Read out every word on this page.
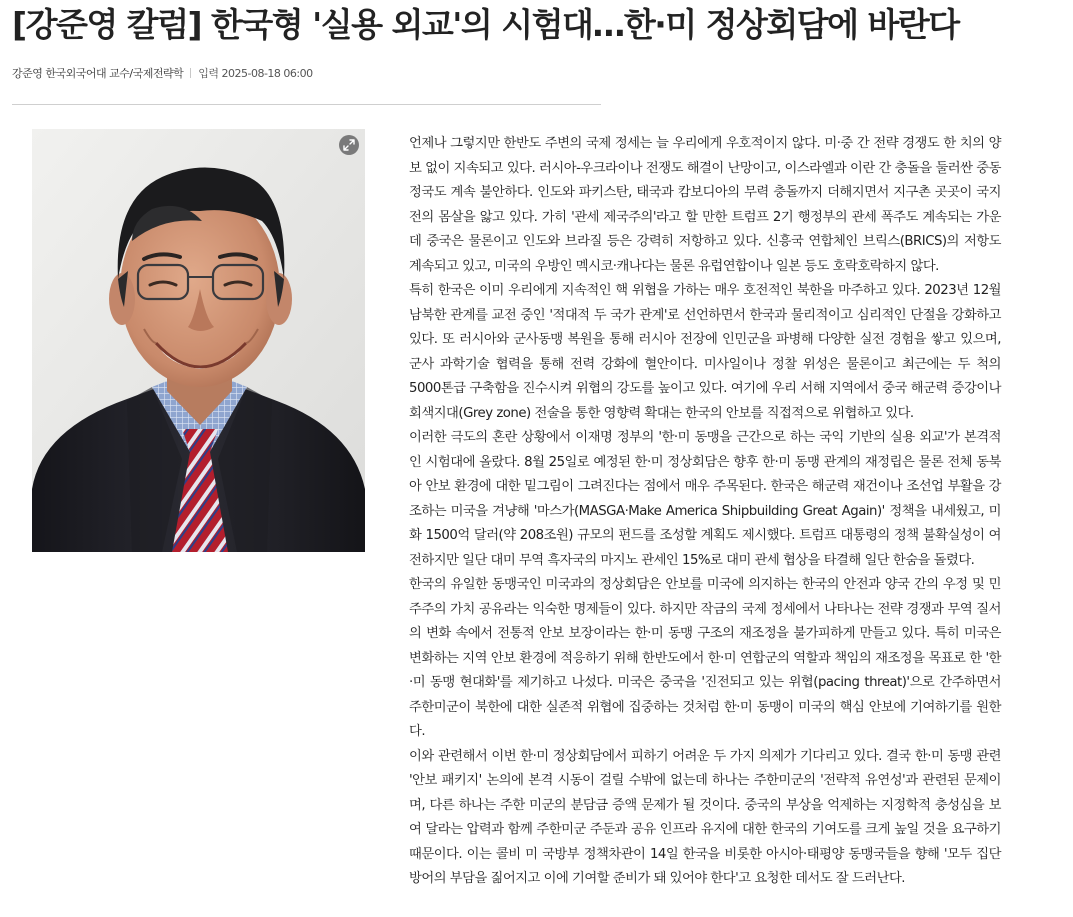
[강준영 칼럼] 한국형 '실용 외교'의 시험대…한·미 정상회담에 바란다
강준영 한국외국어대 교수/국제전략학 입력 2025-08-18 06:00

언제나 그렇지만 한반도 주변의 국제 정세는 늘 우리에게 우호적이지 않다. 미·중 간 전략 경쟁도 한 치의 양보 없이 지속되고 있다. 러시아-우크라이나 전쟁도 해결이 난망이고, 이스라엘과 이란 간 충돌을 둘러싼 중동 정국도 계속 불안하다. 인도와 파키스탄, 태국과 캄보디아의 무력 충돌까지 더해지면서 지구촌 곳곳이 국지전의 몸살을 앓고 있다. 가히 '관세 제국주의'라고 할 만한 트럼프 2기 행정부의 관세 폭주도 계속되는 가운데 중국은 물론이고 인도와 브라질 등은 강력히 저항하고 있다. 신흥국 연합체인 브릭스(BRICS)의 저항도 계속되고 있고, 미국의 우방인 멕시코·캐나다는 물론 유럽연합이나 일본 등도 호락호락하지 않다.

특히 한국은 이미 우리에게 지속적인 핵 위협을 가하는 매우 호전적인 북한을 마주하고 있다. 2023년 12월 남북한 관계를 교전 중인 '적대적 두 국가 관계'로 선언하면서 한국과 물리적이고 심리적인 단절을 강화하고 있다. 또 러시아와 군사동맹 복원을 통해 러시아 전장에 인민군을 파병해 다양한 실전 경험을 쌓고 있으며, 군사 과학기술 협력을 통해 전력 강화에 혈안이다. 미사일이나 정찰 위성은 물론이고 최근에는 두 척의 5000톤급 구축함을 진수시켜 위협의 강도를 높이고 있다. 여기에 우리 서해 지역에서 중국 해군력 증강이나 회색지대(Grey zone) 전술을 통한 영향력 확대는 한국의 안보를 직접적으로 위협하고 있다.

이러한 극도의 혼란 상황에서 이재명 정부의 '한·미 동맹을 근간으로 하는 국익 기반의 실용 외교'가 본격적인 시험대에 올랐다. 8월 25일로 예정된 한·미 정상회담은 향후 한·미 동맹 관계의 재정립은 물론 전체 동북아 안보 환경에 대한 밑그림이 그려진다는 점에서 매우 주목된다. 한국은 해군력 재건이나 조선업 부활을 강조하는 미국을 겨냥해 '마스가(MASGA·Make America Shipbuilding Great Again)' 정책을 내세웠고, 미화 1500억 달러(약 208조원) 규모의 펀드를 조성할 계획도 제시했다. 트럼프 대통령의 정책 불확실성이 여전하지만 일단 대미 무역 흑자국의 마지노 관세인 15%로 대미 관세 협상을 타결해 일단 한숨을 돌렸다.

한국의 유일한 동맹국인 미국과의 정상회담은 안보를 미국에 의지하는 한국의 안전과 양국 간의 우정 및 민주주의 가치 공유라는 익숙한 명제들이 있다. 하지만 작금의 국제 정세에서 나타나는 전략 경쟁과 무역 질서의 변화 속에서 전통적 안보 보장이라는 한·미 동맹 구조의 재조정을 불가피하게 만들고 있다. 특히 미국은 변화하는 지역 안보 환경에 적응하기 위해 한반도에서 한·미 연합군의 역할과 책임의 재조정을 목표로 한 '한·미 동맹 현대화'를 제기하고 나섰다. 미국은 중국을 '진전되고 있는 위협(pacing threat)'으로 간주하면서 주한미군이 북한에 대한 실존적 위협에 집중하는 것처럼 한·미 동맹이 미국의 핵심 안보에 기여하기를 원한다.

이와 관련해서 이번 한·미 정상회담에서 피하기 어려운 두 가지 의제가 기다리고 있다. 결국 한·미 동맹 관련 '안보 패키지' 논의에 본격 시동이 걸릴 수밖에 없는데 하나는 주한미군의 '전략적 유연성'과 관련된 문제이며, 다른 하나는 주한 미군의 분담금 증액 문제가 될 것이다. 중국의 부상을 억제하는 지정학적 충성심을 보여 달라는 압력과 함께 주한미군 주둔과 공유 인프라 유지에 대한 한국의 기여도를 크게 높일 것을 요구하기 때문이다. 이는 콜비 미 국방부 정책차관이 14일 한국을 비롯한 아시아·태평양 동맹국들을 향해 '모두 집단 방어의 부담을 짊어지고 이에 기여할 준비가 돼 있어야 한다'고 요청한 데서도 잘 드러난다.
